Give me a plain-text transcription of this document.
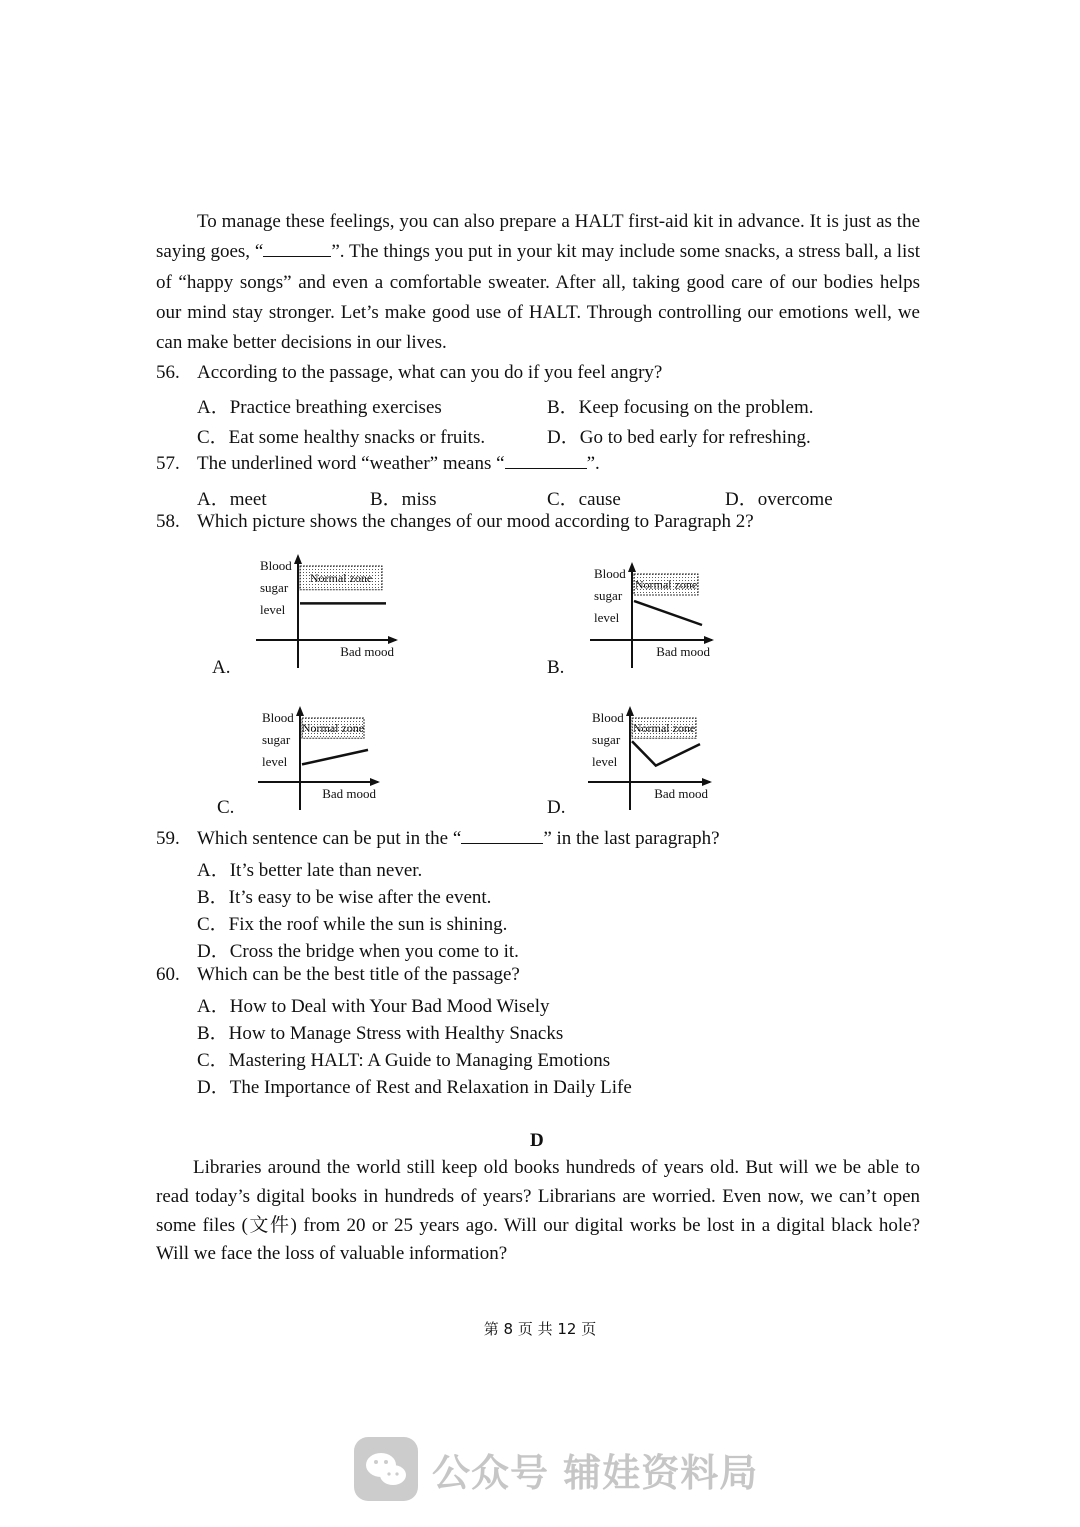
To manage these feelings, you can also prepare a HALT first-aid kit in advance. It is just as the saying goes, “	”. The things you put in your kit may include some snacks, a stress ball, a list of “happy songs” and even a comfortable sweater. After all, taking good care of our bodies helps our mind stay stronger. Let’s make good use of HALT. Through controlling our emotions well, we can make better decisions in our lives.

56. According to the passage, what can you do if you feel angry?
A．Practice breathing exercises	B．Keep focusing on the problem.
C．Eat some healthy snacks or fruits.	D．Go to bed early for refreshing.
57. The underlined word “weather” means “	”.
A．meet	B．miss	C．cause	D．overcome
58. Which picture shows the changes of our mood according to Paragraph 2?
A.	B.
C.	D.
Normal zone
Blood
sugar
level
Bad mood
Normal zone
Blood
sugar
level
Bad mood
Normal zone
Blood
sugar
level
Bad mood
Normal zone
Blood
sugar
level
Bad mood
59. Which sentence can be put in the “	” in the last paragraph?
A．It’s better late than never.
B．It’s easy to be wise after the event.
C．Fix the roof while the sun is shining.
D．Cross the bridge when you come to it.
60. Which can be the best title of the passage?
A．How to Deal with Your Bad Mood Wisely
B．How to Manage Stress with Healthy Snacks
C．Mastering HALT: A Guide to Managing Emotions
D．The Importance of Rest and Relaxation in Daily Life
D

Libraries around the world still keep old books hundreds of years old. But will we be able to read today’s digital books in hundreds of years? Librarians are worried. Even now, we can’t open some files (文件) from 20 or 25 years ago. Will our digital works be lost in a digital black hole? Will we face the loss of valuable information?

第 8 页 共 12 页
公众号 辅娃资料局
